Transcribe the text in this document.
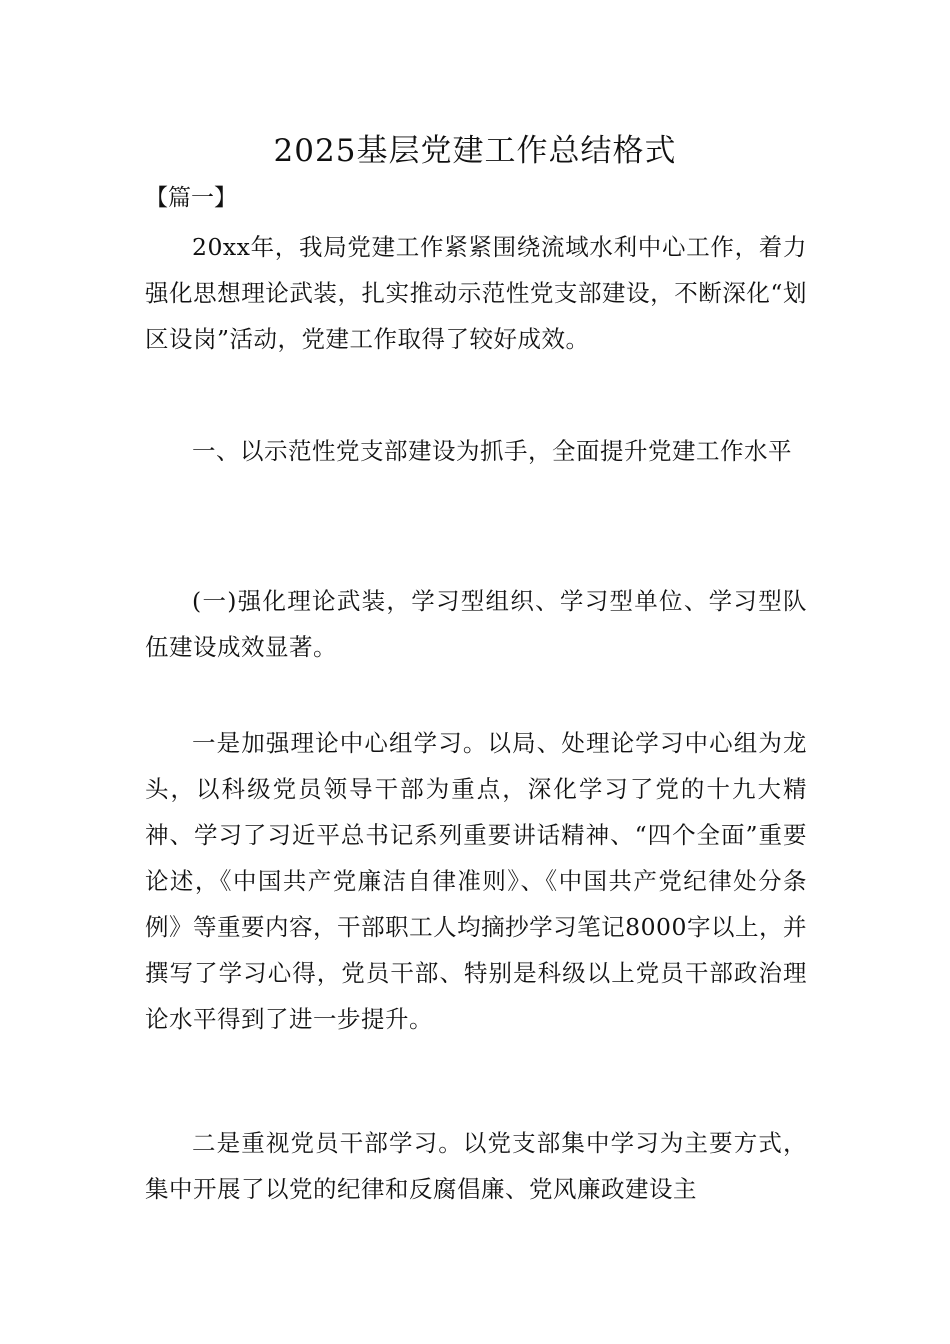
2025基层党建工作总结格式

【篇一】

20xx年，我局党建工作紧紧围绕流域水利中心工作，着力强化思想理论武装，扎实推动示范性党支部建设，不断深化“划区设岗”活动，党建工作取得了较好成效。

一、以示范性党支部建设为抓手，全面提升党建工作水平

(一)强化理论武装，学习型组织、学习型单位、学习型队伍建设成效显著。

一是加强理论中心组学习。以局、处理论学习中心组为龙头，以科级党员领导干部为重点，深化学习了党的十九大精神、学习了习近平总书记系列重要讲话精神、“四个全面”重要论述，《中国共产党廉洁自律准则》、《中国共产党纪律处分条例》等重要内容，干部职工人均摘抄学习笔记8000字以上，并撰写了学习心得，党员干部、特别是科级以上党员干部政治理论水平得到了进一步提升。

二是重视党员干部学习。以党支部集中学习为主要方式，集中开展了以党的纪律和反腐倡廉、党风廉政建设主
